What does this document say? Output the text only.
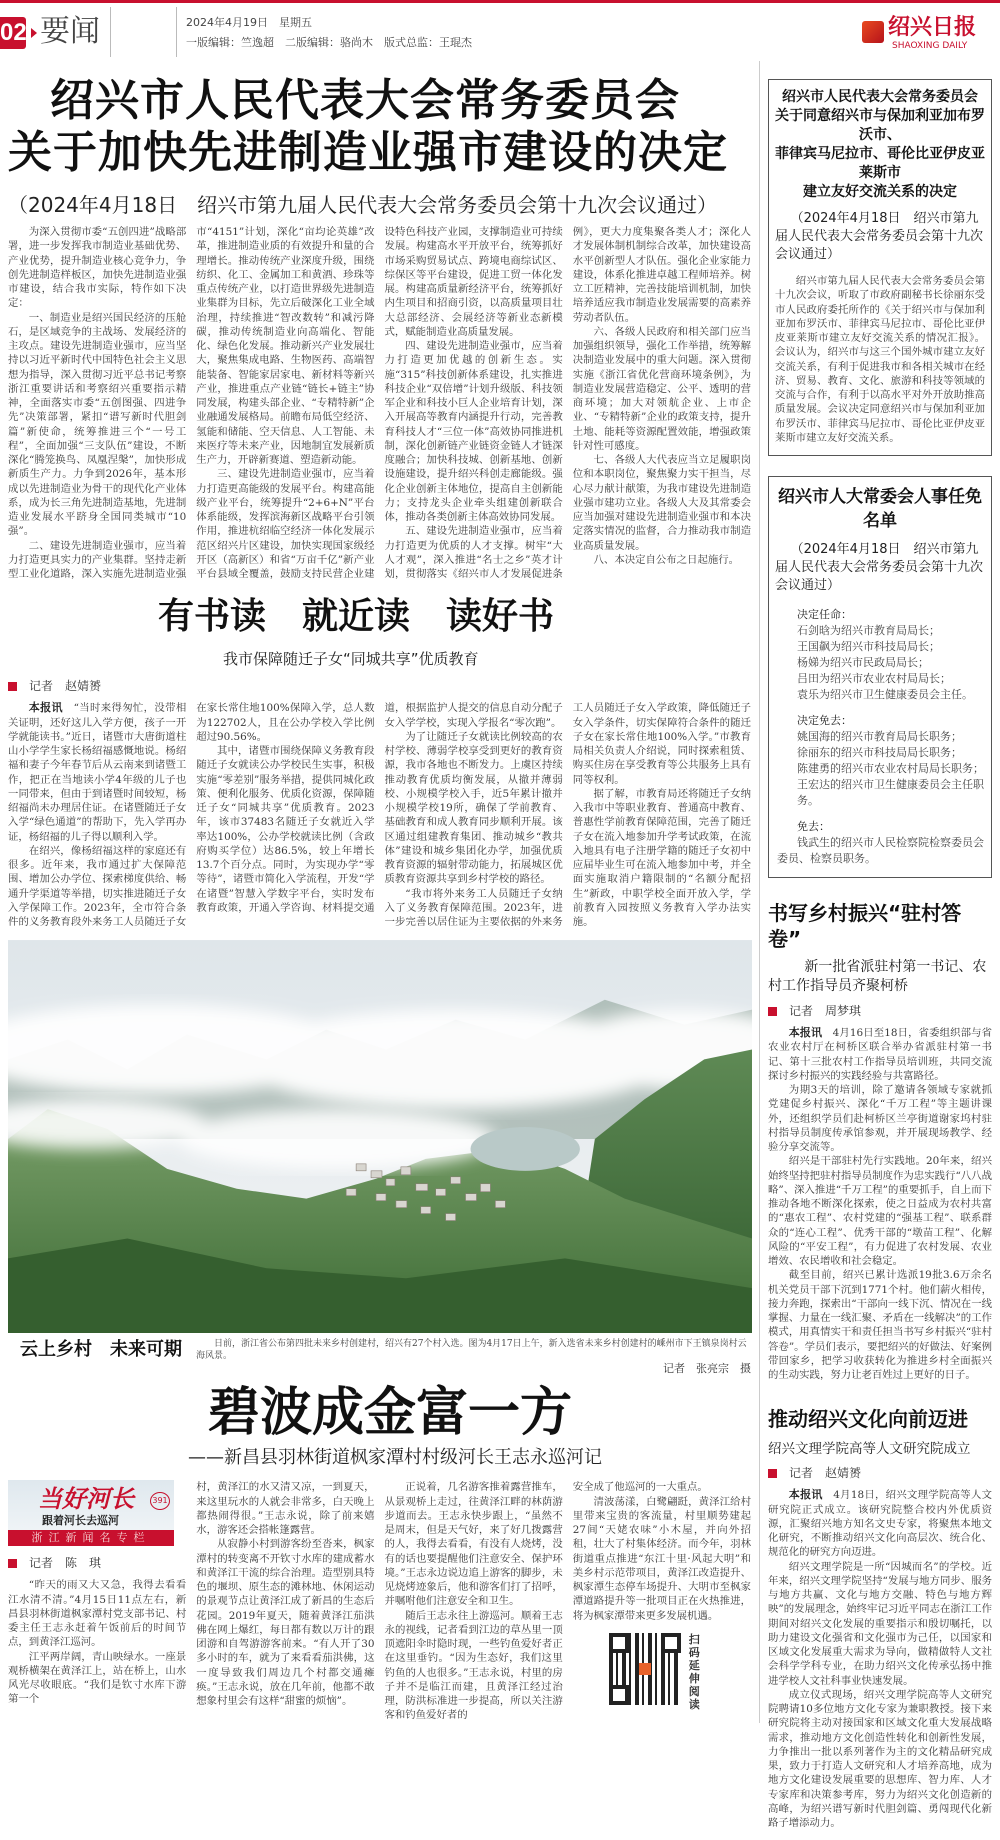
02 要闻	2024年4月19日　星期五
一版编辑：竺逸超　二版编辑：骆尚木　版式总监：王琨杰
绍兴日报
SHAOXING DAILY
绍兴市人民代表大会常务委员会
关于加快先进制造业强市建设的决定
（2024年4月18日　绍兴市第九届人民代表大会常务委员会第十九次会议通过）

为深入贯彻市委“五创四进”战略部署，进一步发挥我市制造业基础优势、产业优势，提升制造业核心竞争力，争创先进制造样板区，加快先进制造业强市建设，结合我市实际，特作如下决定：

一、制造业是绍兴国民经济的压舱石，是区域竞争的主战场、发展经济的主攻点。建设先进制造业强市，应当坚持以习近平新时代中国特色社会主义思想为指导，深入贯彻习近平总书记考察浙江重要讲话和考察绍兴重要指示精神，全面落实市委“五创图强、四进争先”决策部署，紧扣“谱写新时代胆剑篇”新使命，统筹推进三个“一号工程”，全面加强“三支队伍”建设，不断深化“腾笼换鸟、凤凰涅槃”，加快形成新质生产力。力争到2026年，基本形成以先进制造业为骨干的现代化产业体系，成为长三角先进制造基地，先进制造业发展水平跻身全国同类城市“10强”。

二、建设先进制造业强市，应当着力打造更具实力的产业集群。坚持走新型工业化道路，深入实施先进制造业强市“4151”计划，深化“亩均论英雄”改革，推进制造业质的有效提升和量的合理增长。推动传统产业深度升级，围绕纺织、化工、金属加工和黄酒、珍珠等重点传统产业，以打造世界级先进制造业集群为目标，先立后破深化工业全域治理，持续推进“智改数转”和减污降碳，推动传统制造业向高端化、智能化、绿色化发展。推动新兴产业发展壮大，聚焦集成电路、生物医药、高端智能装备、智能家居家电、新材料等新兴产业，推进重点产业链“链长+链主”协同发展，构建头部企业、“专精特新”企业融通发展格局。前瞻布局低空经济、氢能和储能、空天信息、人工智能、未来医疗等未来产业，因地制宜发展新质生产力，开辟新赛道、塑造新动能。

三、建设先进制造业强市，应当着力打造更高能级的发展平台。构建高能级产业平台，统筹提升“2+6+N”平台体系能级，发挥滨海新区战略平台引领作用，推进杭绍临空经济一体化发展示范区绍兴片区建设，加快实现国家级经开区（高新区）和省“万亩千亿”新产业平台县域全覆盖，鼓励支持民营企业建设特色科技产业园，支撑制造业可持续发展。构建高水平开放平台，统筹抓好市场采购贸易试点、跨境电商综试区、综保区等平台建设，促进工贸一体化发展。构建高质量新经济平台，统筹抓好内生项目和招商引资，以高质量项目壮大总部经济、会展经济等新业态新模式，赋能制造业高质量发展。

四、建设先进制造业强市，应当着力打造更加优越的创新生态。实施“315”科技创新体系建设，扎实推进科技企业“双倍增”计划升级版、科技领军企业和科技小巨人企业培育计划，深入开展高等教育内涵提升行动，完善教育科技人才“三位一体”高效协同推进机制，深化创新链产业链资金链人才链深度融合；加快科技城、创新基地、创新设施建设，提升绍兴科创走廊能级。强化企业创新主体地位，提高自主创新能力；支持龙头企业牵头组建创新联合体，推动各类创新主体高效协同发展。

五、建设先进制造业强市，应当着力打造更为优质的人才支撑。树牢“大人才观”，深入推进“名士之乡”英才计划，贯彻落实《绍兴市人才发展促进条例》，更大力度集聚各类人才；深化人才发展体制机制综合改革，加快建设高水平创新型人才队伍。强化企业家能力建设，体系化推进卓越工程师培养。树立工匠精神，完善技能培训机制，加快培养适应我市制造业发展需要的高素养劳动者队伍。

六、各级人民政府和相关部门应当加强组织领导，强化工作举措，统筹解决制造业发展中的重大问题。深入贯彻实施《浙江省优化营商环境条例》，为制造业发展营造稳定、公平、透明的营商环境；加大对领航企业、上市企业、“专精特新”企业的政策支持，提升土地、能耗等资源配置效能，增强政策针对性可感度。

七、各级人大代表应当立足履职岗位和本职岗位，聚焦聚力实干担当，尽心尽力献计献策，为我市建设先进制造业强市建功立业。各级人大及其常委会应当加强对建设先进制造业强市和本决定落实情况的监督，合力推动我市制造业高质量发展。

八、本决定自公布之日起施行。

有书读　就近读　读好书
我市保障随迁子女“同城共享”优质教育
记者　赵婧赟

本报讯　 “当时来得匆忙，没带相关证明，还好这儿入学方便，孩子一开学就能读书。”近日，诸暨市大唐街道柱山小学学生家长杨绍福感慨地说。杨绍福和妻子今年春节后从云南来到诸暨工作，把正在当地读小学4年级的儿子也一同带来，但由于到诸暨时间较短，杨绍福尚未办理居住证。在诸暨随迁子女入学“绿色通道”的帮助下，先入学再办证，杨绍福的儿子得以顺利入学。

在绍兴，像杨绍福这样的家庭还有很多。近年来，我市通过扩大保障范围、增加公办学位、探索梯度供给、畅通升学渠道等举措，切实推进随迁子女入学保障工作。2023年，全市符合条件的义务教育段外来务工人员随迁子女在家长常住地100%保障入学，总人数为122702人，且在公办学校入学比例超过90.56%。

其中，诸暨市围绕保障义务教育段随迁子女就读公办学校民生实事，积极实施“零差别”服务举措，提供同城化政策、便利化服务、优质化资源，保障随迁子女“同城共享”优质教育。2023年，该市37483名随迁子女就近入学率达100%，公办学校就读比例（含政府购买学位）达86.5%，较上年增长13.7个百分点。同时，为实现办学“零等待”，诸暨市简化入学流程，开发“学在诸暨”智慧入学数字平台，实时发布教育政策，开通入学咨询、材料提交通道，根据监护人提交的信息自动分配子女入学学校，实现入学报名“零次跑”。

为了让随迁子女就读比例较高的农村学校、薄弱学校享受到更好的教育资源，我市各地也不断发力。上虞区持续推动教育优质均衡发展，从撤并薄弱校、小规模学校入手，近5年累计撤并小规模学校19所，确保了学前教育、基础教育和成人教育同步顺利开展。该区通过组建教育集团、推动城乡“教共体”建设和城乡集团化办学，加强优质教育资源的辐射带动能力，拓展城区优质教育资源共享到乡村学校的路径。

“我市将外来务工人员随迁子女纳入了义务教育保障范围。2023年，进一步完善以居住证为主要依据的外来务工人员随迁子女入学政策，降低随迁子女入学条件，切实保障符合条件的随迁子女在家长常住地100%入学。”市教育局相关负责人介绍说，同时探索租赁、购买住房在享受教育等公共服务上具有同等权利。

据了解，市教育局还将随迁子女纳入我市中等职业教育、普通高中教育、普惠性学前教育保障范围，完善了随迁子女在流入地参加升学考试政策，在流入地具有电子注册学籍的随迁子女初中应届毕业生可在流入地参加中考，并全面实施取消户籍限制的“名额分配招生”新政，中职学校全面开放入学，学前教育入园按照义务教育入学办法实施。

云上乡村　未来可期	日前，浙江省公布第四批未来乡村创建村，绍兴有27个村入选。图为4月17日上午，新入选省未来乡村创建村的嵊州市下王镇泉岗村云海风景。
记者　张亮宗　摄
碧波成金富一方
——新昌县羽林街道枫家潭村村级河长王志永巡河记
当好河长 391
跟着河长去巡河
浙江新闻名专栏
记者　陈　琪

“昨天的雨又大又急，我得去看看江水清不清。”4月15日11点左右，新昌县羽林街道枫家潭村党支部书记、村委主任王志永赶着午饭前后的时间节点，到黄泽江巡河。

江平两岸阔，青山映绿水。一座景观桥横架在黄泽江上，站在桥上，山水风光尽收眼底。“我们是钦寸水库下游第一个

村，黄泽江的水又清又凉，一到夏天，来这里玩水的人就会非常多，白天晚上都热闹得很。”王志永说，除了前来嬉水，游客还会搭帐篷露营。

从寂静小村到游客纷至沓来，枫家潭村的转变离不开钦寸水库的建成蓄水和黄泽江干流的综合治理。造型别具特色的堰坝、原生态的滩林地、休闲运动的景观节点让黄泽江成了新昌的生态后花园。2019年夏天，随着黄泽江茄洪佛在网上爆红，每日都有数以万计的跟团游和自驾游游客前来。“有人开了30多小时的车，就为了来看看茄洪佛，这一度导致我们周边几个村都交通瘫痪。”王志永说，放在几年前，他都不敢想象村里会有这样“甜蜜的烦恼”。

正说着，几名游客推着露营推车，从景观桥上走过，往黄泽江畔的林荫游步道而去。王志永快步跟上，“虽然不是周末，但是天气好，来了好几拨露营的人，我得去看看，有没有人烧烤，没有的话也要提醒他们注意安全、保护环境。”王志永边说边追上游客的脚步，未见烧烤迹象后，他和游客们打了招呼，并嘱咐他们注意安全和卫生。

随后王志永往上游巡河。顺着王志永的视线，记者看到江边的草丛里一顶顶遮阳伞时隐时现，一些钓鱼爱好者正在这里垂钓。“因为生态好，我们这里钓鱼的人也很多。”王志永说，村里的房子并不是临江而建，且黄泽江经过治理，防洪标准进一步提高，所以关注游客和钓鱼爱好者的

安全成了他巡河的一大重点。

清波荡漾，白鹭翩跹，黄泽江给村里带来宝贵的客流量，村里顺势建起27间“天姥农味”小木屋，并向外招租，壮大了村集体经济。而今年，羽林街道重点推进“东江十里·风起大明”和美乡村示范带项目，黄泽江改造提升、枫家潭生态停车场提升、大明市至枫家潭道路提升等一批项目正在火热推进，将为枫家潭带来更多发展机遇。

扫码延伸阅读
绍兴市人民代表大会常务委员会
关于同意绍兴市与保加利亚加布罗沃市、
菲律宾马尼拉市、哥伦比亚伊皮亚莱斯市
建立友好交流关系的决定
（2024年4月18日　绍兴市第九届人民代表大会常务委员会第十九次会议通过）

绍兴市第九届人民代表大会常务委员会第十九次会议，听取了市政府副秘书长徐丽东受市人民政府委托所作的《关于绍兴市与保加利亚加布罗沃市、菲律宾马尼拉市、哥伦比亚伊皮亚莱斯市建立友好交流关系的情况汇报》。会议认为，绍兴市与这三个国外城市建立友好交流关系，有利于促进我市和各相关城市在经济、贸易、教育、文化、旅游和科技等领域的交流与合作，有利于以高水平对外开放助推高质量发展。会议决定同意绍兴市与保加利亚加布罗沃市、菲律宾马尼拉市、哥伦比亚伊皮亚莱斯市建立友好交流关系。

绍兴市人大常委会人事任免名单
（2024年4月18日　绍兴市第九届人民代表大会常务委员会第十九次会议通过）
决定任命：
石剑晗为绍兴市教育局局长；
王国飙为绍兴市科技局局长；
杨娣为绍兴市民政局局长；
吕田为绍兴市农业农村局局长；
袁乐为绍兴市卫生健康委员会主任。
决定免去：
姚国海的绍兴市教育局局长职务；
徐丽东的绍兴市科技局局长职务；
陈建勇的绍兴市农业农村局局长职务；
王宏达的绍兴市卫生健康委员会主任职务。
免去：
钱武生的绍兴市人民检察院检察委员会委员、检察员职务。
书写乡村振兴“驻村答卷”
新一批省派驻村第一书记、农村工作指导员齐聚柯桥
记者　周梦琪

本报讯　 4月16日至18日，省委组织部与省农业农村厅在柯桥区联合举办省派驻村第一书记、第十三批农村工作指导员培训班，共同交流探讨乡村振兴的实践经验与共富路径。

为期3天的培训，除了邀请各领域专家就抓党建促乡村振兴、深化“千万工程”等主题讲课外，还组织学员们赴柯桥区兰亭街道谢家坞村驻村指导员制度传承馆参观，并开展现场教学、经验分享交流等。

绍兴是干部驻村先行实践地。20年来，绍兴始终坚持把驻村指导员制度作为忠实践行“八八战略”、深入推进“千万工程”的重要抓手，自上而下推动各地不断深化探索，使之日益成为农村共富的“惠农工程”、农村党建的“强基工程”、联系群众的“连心工程”、优秀干部的“墩苗工程”、化解风险的“平安工程”，有力促进了农村发展、农业增效、农民增收和社会稳定。

截至目前，绍兴已累计选派19批3.6万余名机关党员干部下沉到1771个村。他们薪火相传，接力奔跑，探索出“干部向一线下沉、情况在一线掌握、力量在一线汇聚、矛盾在一线解决”的工作模式，用真情实干和责任担当书写乡村振兴“驻村答卷”。学员们表示，要把绍兴的好做法、好案例带回家乡，把学习收获转化为推进乡村全面振兴的生动实践，努力让老百姓过上更好的日子。

推动绍兴文化向前迈进
绍兴文理学院高等人文研究院成立
记者　赵婧赟

本报讯　 4月18日，绍兴文理学院高等人文研究院正式成立。该研究院整合校内外优质资源，汇聚绍兴地方知名文史专家，将聚焦本地文化研究，不断推动绍兴文化向高层次、统合化、规范化的研究方向迈进。

绍兴文理学院是一所“因城而名”的学校。近年来，绍兴文理学院坚持“发展与地方同步、服务与地方共赢、文化与地方交融、特色与地方辉映”的发展理念，始终牢记习近平同志在浙江工作期间对绍兴文化发展的重要指示和殷切嘱托，以助力建设文化强省和文化强市为己任，以国家和区域文化发展重大需求为导向，做精做特人文社会科学学科专业，在助力绍兴文化传承弘扬中推进学校人文社科事业快速发展。

成立仪式现场，绍兴文理学院高等人文研究院聘请10多位地方文化专家为兼职教授。接下来研究院将主动对接国家和区域文化重大发展战略需求，推动地方文化创造性转化和创新性发展，力争推出一批以系列著作为主的文化精品研究成果，致力于打造人文研究和人才培养高地，成为地方文化建设发展重要的思想库、智力库、人才专家库和决策参考库，努力为绍兴文化创造新的高峰，为绍兴谱写新时代胆剑篇、勇闯现代化新路子增添动力。
